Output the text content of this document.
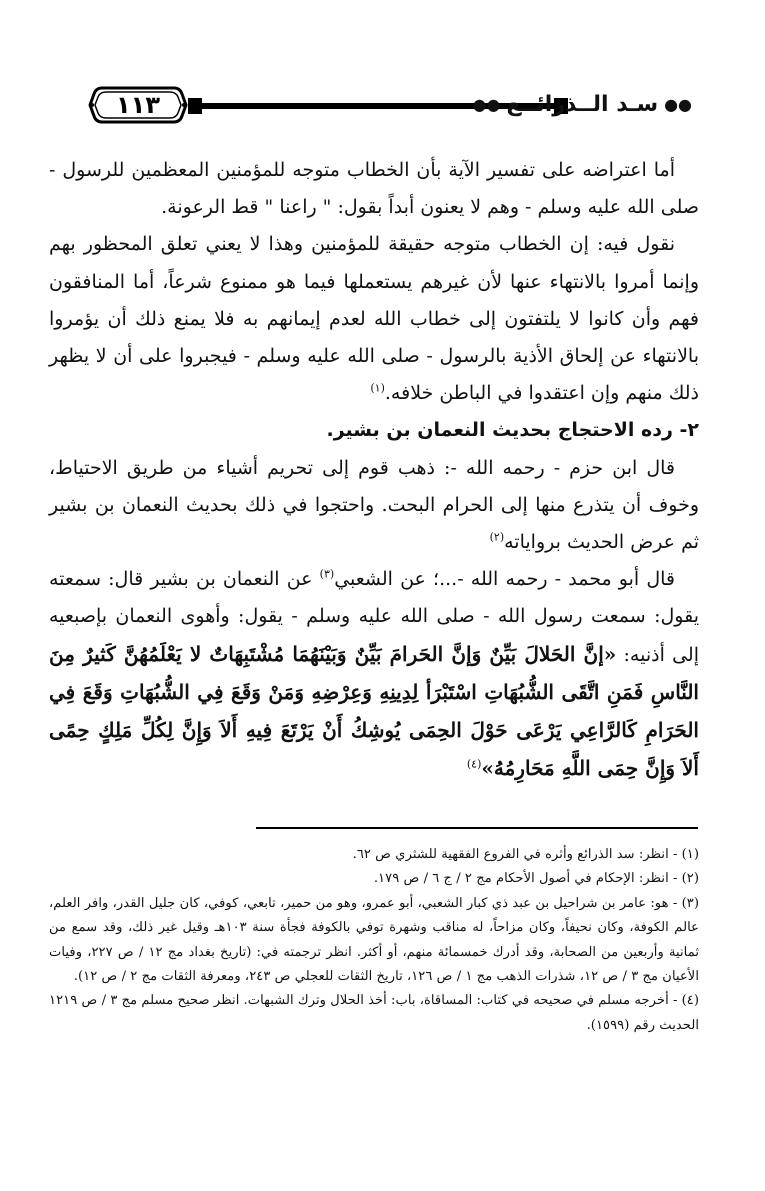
١١٣	●●سـد الــذرائــع●●

أما اعتراضه على تفسير الآية بأن الخطاب متوجه للمؤمنين المعظمين للرسول - صلى الله عليه وسلم - وهم لا يعنون أبداً بقول: " راعنا " قط الرعونة.

نقول فيه: إن الخطاب متوجه حقيقة للمؤمنين وهذا لا يعني تعلق المحظور بهم وإنما أمروا بالانتهاء عنها لأن غيرهم يستعملها فيما هو ممنوع شرعاً، أما المنافقون فهم وأن كانوا لا يلتفتون إلى خطاب الله لعدم إيمانهم به فلا يمنع ذلك أن يؤمروا بالانتهاء عن إلحاق الأذية بالرسول - صلى الله عليه وسلم - فيجبروا على أن لا يظهر ذلك منهم وإن اعتقدوا في الباطن خلافه.$^{(١)}$

٢- رده الاحتجاج بحديث النعمان بن بشير.

قال ابن حزم - رحمه الله -: ذهب قوم إلى تحريم أشياء من طريق الاحتياط، وخوف أن يتذرع منها إلى الحرام البحت. واحتجوا في ذلك بحديث النعمان بن بشير ثم عرض الحديث برواياته$^{(٢)}$

قال أبو محمد - رحمه الله -...؛ عن الشعبي$^{(٣)}$ عن النعمان بن بشير قال: سمعته يقول: سمعت رسول الله - صلى الله عليه وسلم - يقول: وأهوى النعمان بإصبعيه إلى أذنيه: «إنَّ الحَلالَ بَيِّنٌ وَإنَّ الحَرامَ بَيِّنٌ وَبَيْنَهُمَا مُشْتَبِهَاتٌ لا يَعْلَمُهُنَّ كَثيرٌ مِنَ النَّاسِ فَمَنِ اتَّقَى الشُّبُهَاتِ اسْتَبْرَأ لِدِينِهِ وَعِرْضِهِ وَمَنْ وَقَعَ فِي الشُّبُهَاتِ وَقَعَ فِي الحَرَامِ كَالرَّاعِي يَرْعَى حَوْلَ الحِمَى يُوشِكُ أَنْ يَرْتَعَ فِيهِ أَلاَ وَإِنَّ لِكُلِّ مَلِكٍ حِمًى أَلاَ وَإِنَّ حِمَى اللَّهِ مَحَارِمُهُ»$^{(٤)}$

(١) - انظر: سد الذرائع وأثره في الفروع الفقهية للشثري ص ٦٢.

(٢) - انظر: الإحكام في أصول الأحكام مج ٢ / ج ٦ / ص ١٧٩.

(٣) - هو: عامر بن شراحيل بن عبد ذي كبار الشعبي، أبو عمرو، وهو من حمير، تابعي، كوفي، كان جليل القدر، وافر العلم، عالم الكوفة، وكان نحيفاً، وكان مزاحاً، له مناقب وشهرة توفي بالكوفة فجأة سنة ١٠٣هـ وقيل غير ذلك، وقد سمع من ثمانية وأربعين من الصحابة، وقد أدرك خمسمائة منهم، أو أكثر. انظر ترجمته في: (تاريخ بغداد مج ١٢ / ص ٢٢٧، وفيات الأعيان مج ٣ / ص ١٢، شذرات الذهب مج ١ / ص ١٢٦، تاريخ الثقات للعجلي ص ٢٤٣، ومعرفة الثقات مج ٢ / ص ١٢).

(٤) - أخرجه مسلم في صحيحه في كتاب: المساقاة، باب: أخذ الحلال وترك الشبهات. انظر صحيح مسلم مج ٣ / ص ١٢١٩ الحديث رقم (١٥٩٩).
